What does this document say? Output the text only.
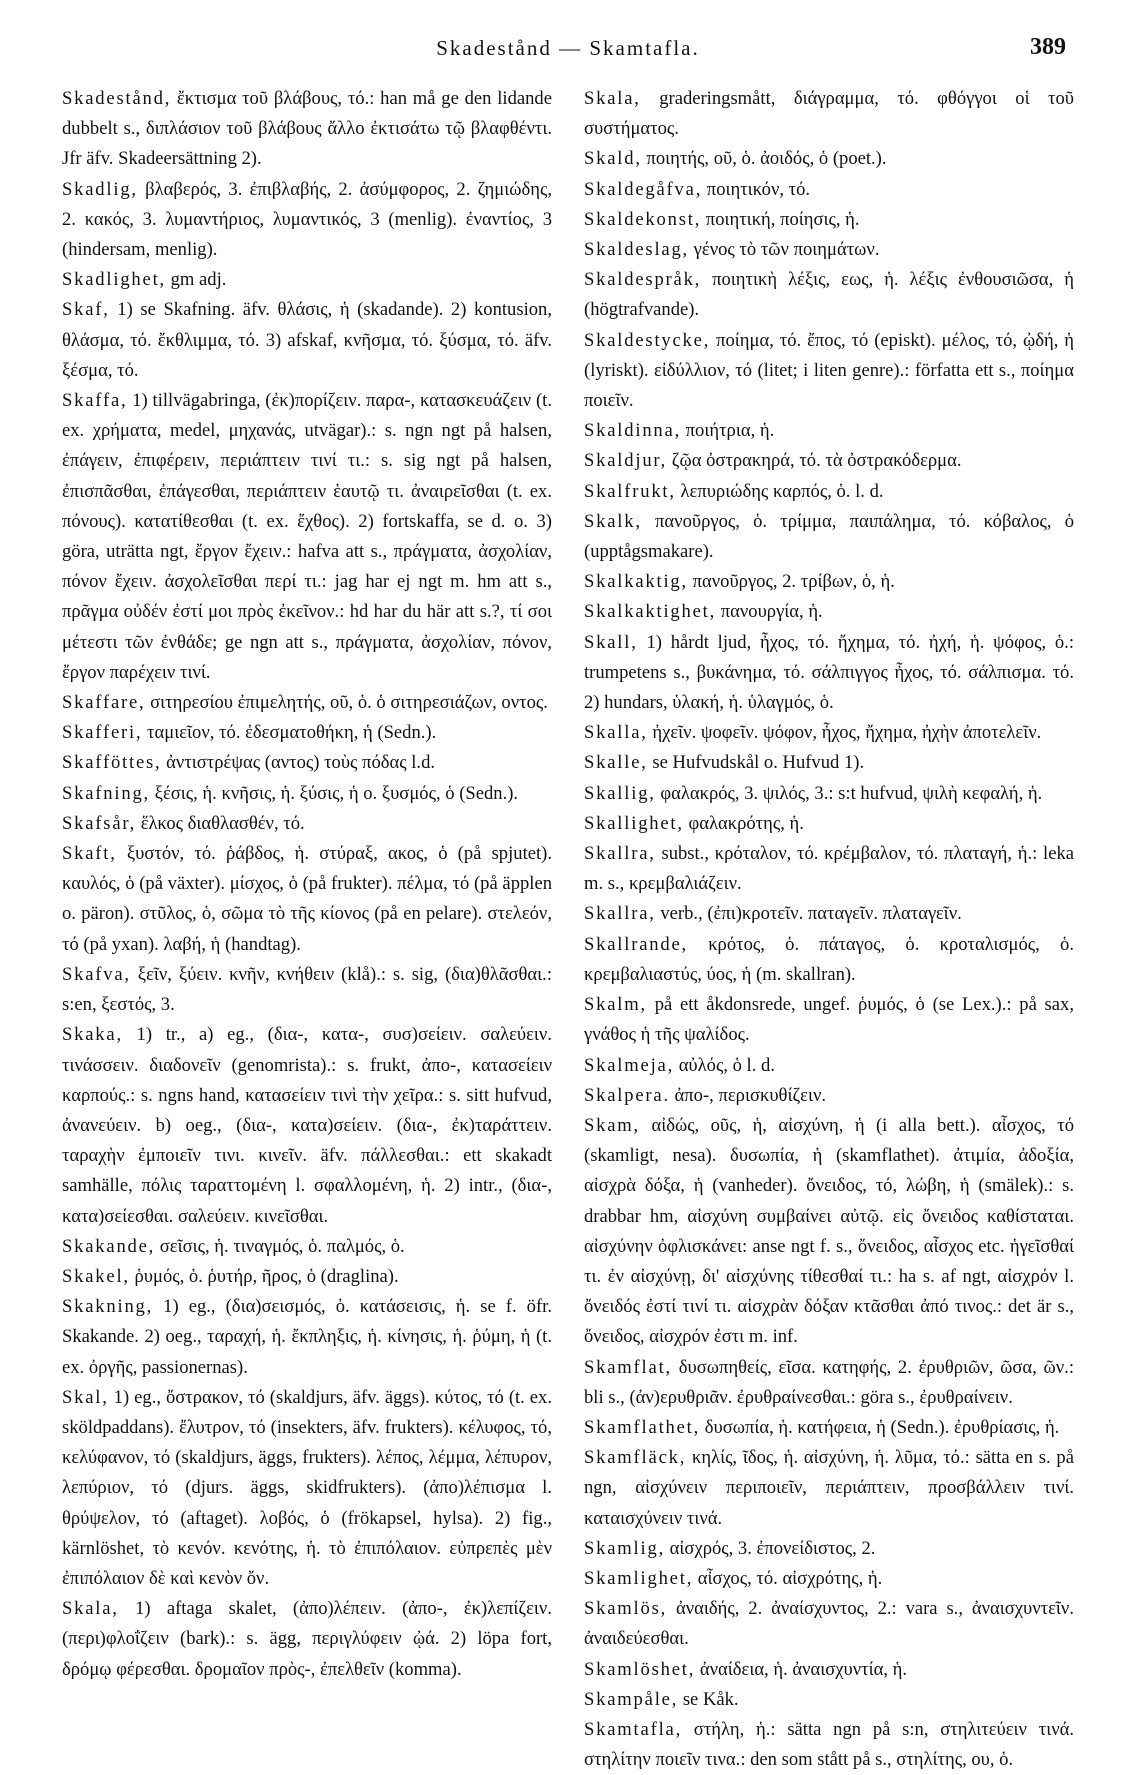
Skadestånd — Skamtafla.	389

Skadestånd, ἔκτισμα τοῦ βλάβους, τό.: han må ge den lidande dubbelt s., διπλάσιον τοῦ βλάβους ἄλλο ἐκτισάτω τῷ βλαφθέντι. Jfr äfv. Skadeersättning 2).

Skadlig, βλαβερός, 3. ἐπιβλαβής, 2. ἀσύμφορος, 2. ζημιώδης, 2. κακός, 3. λυμαντήριος, λυμαντικός, 3 (menlig). ἐναντίος, 3 (hindersam, menlig).

Skadlighet, gm adj.

Skaf, 1) se Skafning. äfv. θλάσις, ἡ (skadande). 2) kontusion, θλάσμα, τό. ἔκθλιμμα, τό. 3) afskaf, κνῆσμα, τό. ξύσμα, τό. äfv. ξέσμα, τό.

Skaffa, 1) tillvägabringa, (ἐκ)πορίζειν. παρα-, κατασκευάζειν (t. ex. χρήματα, medel, μηχανάς, utvägar).: s. ngn ngt på halsen, ἐπάγειν, ἐπιφέρειν, περιάπτειν τινί τι.: s. sig ngt på halsen, ἐπισπᾶσθαι, ἐπάγεσθαι, περιάπτειν ἑαυτῷ τι. ἀναιρεῖσθαι (t. ex. πόνους). κατατίθεσθαι (t. ex. ἔχθος). 2) fortskaffa, se d. o. 3) göra, uträtta ngt, ἔργον ἔχειν.: hafva att s., πράγματα, ἀσχολίαν, πόνον ἔχειν. ἀσχολεῖσθαι περί τι.: jag har ej ngt m. hm att s., πρᾶγμα οὐδέν ἐστί μοι πρὸς ἐκεῖνον.: hd har du här att s.?, τί σοι μέτεστι τῶν ἐνθάδε; ge ngn att s., πράγματα, ἀσχολίαν, πόνον, ἔργον παρέχειν τινί.

Skaffare, σιτηρεσίου ἐπιμελητής, οῦ, ὁ. ὁ σιτηρεσιάζων, οντος.

Skafferi, ταμιεῖον, τό. ἐδεσματοθήκη, ἡ (Sedn.).

Skafföttes, ἀντιστρέψας (αντος) τοὺς πόδας l.d.

Skafning, ξέσις, ἡ. κνῆσις, ἡ. ξύσις, ἡ o. ξυσμός, ὁ (Sedn.).

Skafsår, ἕλκος διαθλασθέν, τό.

Skaft, ξυστόν, τό. ῥάβδος, ἡ. στύραξ, ακος, ὁ (på spjutet). καυλός, ὁ (på växter). μίσχος, ὁ (på frukter). πέλμα, τό (på äpplen o. päron). στῦλος, ὁ, σῶμα τὸ τῆς κίονος (på en pelare). στελεόν, τό (på yxan). λαβή, ἡ (handtag).

Skafva, ξεῖν, ξύειν. κνῆν, κνήθειν (klå).: s. sig, (δια)θλᾶσθαι.: s:en, ξεστός, 3.

Skaka, 1) tr., a) eg., (δια-, κατα-, συσ)σείειν. σαλεύειν. τινάσσειν. διαδονεῖν (genomrista).: s. frukt, ἀπο-, κατασείειν καρπούς.: s. ngns hand, κατασείειν τινὶ τὴν χεῖρα.: s. sitt hufvud, ἀνανεύειν. b) oeg., (δια-, κατα)σείειν. (δια-, ἐκ)ταράττειν. ταραχὴν ἐμποιεῖν τινι. κινεῖν. äfv. πάλλεσθαι.: ett skakadt samhälle, πόλις ταραττομένη l. σφαλλομένη, ἡ. 2) intr., (δια-, κατα)σείεσθαι. σαλεύειν. κινεῖσθαι.

Skakande, σεῖσις, ἡ. τιναγμός, ὁ. παλμός, ὁ.

Skakel, ῥυμός, ὁ. ῥυτήρ, ῆρος, ὁ (draglina).

Skakning, 1) eg., (δια)σεισμός, ὁ. κατάσεισις, ἡ. se f. öfr. Skakande. 2) oeg., ταραχή, ἡ. ἔκπληξις, ἡ. κίνησις, ἡ. ῥύμη, ἡ (t. ex. ὀργῆς, passionernas).

Skal, 1) eg., ὄστρακον, τό (skaldjurs, äfv. äggs). κύτος, τό (t. ex. sköldpaddans). ἔλυτρον, τό (insekters, äfv. frukters). κέλυφος, τό, κελύφανον, τό (skaldjurs, äggs, frukters). λέπος, λέμμα, λέπυρον, λεπύριον, τό (djurs. äggs, skidfrukters). (ἀπο)λέπισμα l. θρύψελον, τό (aftaget). λοβός, ὁ (frökapsel, hylsa). 2) fig., kärnlöshet, τὸ κενόν. κενότης, ἡ. τὸ ἐπιπόλαιον. εὐπρεπὲς μὲν ἐπιπόλαιον δὲ καὶ κενὸν ὄν.

Skala, 1) aftaga skalet, (ἀπο)λέπειν. (ἀπο-, ἐκ)λεπίζειν. (περι)φλοΐζειν (bark).: s. ägg, περιγλύφειν ᾠά. 2) löpa fort, δρόμῳ φέρεσθαι. δρομαῖον πρὸς-, ἐπελθεῖν (komma).

Skala, graderingsmått, διάγραμμα, τό. φθόγγοι οἱ τοῦ συστήματος.

Skald, ποιητής, οῦ, ὁ. ἀοιδός, ὁ (poet.).

Skaldegåfva, ποιητικόν, τό.

Skaldekonst, ποιητική, ποίησις, ἡ.

Skaldeslag, γένος τὸ τῶν ποιημάτων.

Skaldespråk, ποιητικὴ λέξις, εως, ἡ. λέξις ἐνθουσιῶσα, ἡ (högtrafvande).

Skaldestycke, ποίημα, τό. ἔπος, τό (episkt). μέλος, τό, ᾠδή, ἡ (lyriskt). εἰδύλλιον, τό (litet; i liten genre).: författa ett s., ποίημα ποιεῖν.

Skaldinna, ποιήτρια, ἡ.

Skaldjur, ζῷα ὀστρακηρά, τό. τὰ ὀστρακόδερμα.

Skalfrukt, λεπυριώδης καρπός, ὁ. l. d.

Skalk, πανοῦργος, ὁ. τρίμμα, παιπάλημα, τό. κόβαλος, ὁ (upptågsmakare).

Skalkaktig, πανοῦργος, 2. τρίβων, ὁ, ἡ.

Skalkaktighet, πανουργία, ἡ.

Skall, 1) hårdt ljud, ἦχος, τό. ἤχημα, τό. ἠχή, ἡ. ψόφος, ὁ.: trumpetens s., βυκάνημα, τό. σάλπιγγος ἦχος, τό. σάλπισμα. τό. 2) hundars, ὑλακή, ἡ. ὑλαγμός, ὁ.

Skalla, ἠχεῖν. ψοφεῖν. ψόφον, ἦχος, ἤχημα, ἠχὴν ἀποτελεῖν.

Skalle, se Hufvudskål o. Hufvud 1).

Skallig, φαλακρός, 3. ψιλός, 3.: s:t hufvud, ψιλὴ κεφαλή, ἡ.

Skallighet, φαλακρότης, ἡ.

Skallra, subst., κρόταλον, τό. κρέμβαλον, τό. πλαταγή, ἡ.: leka m. s., κρεμβαλιάζειν.

Skallra, verb., (ἐπι)κροτεῖν. παταγεῖν. πλαταγεῖν.

Skallrande, κρότος, ὁ. πάταγος, ὁ. κροταλισμός, ὁ. κρεμβαλιαστύς, ύος, ἡ (m. skallran).

Skalm, på ett åkdonsrede, ungef. ῥυμός, ὁ (se Lex.).: på sax, γνάθος ἡ τῆς ψαλίδος.

Skalmeja, αὐλός, ὁ l. d.

Skalpera. ἀπο-, περισκυθίζειν.

Skam, αἰδώς, οῦς, ἡ, αἰσχύνη, ἡ (i alla bett.). αἶσχος, τό (skamligt, nesa). δυσωπία, ἡ (skamflathet). ἀτιμία, ἀδοξία, αἰσχρὰ δόξα, ἡ (vanheder). ὄνειδος, τό, λώβη, ἡ (smälek).: s. drabbar hm, αἰσχύνη συμβαίνει αὐτῷ. εἰς ὄνειδος καθίσταται. αἰσχύνην ὀφλισκάνει: anse ngt f. s., ὄνειδος, αἶσχος etc. ἡγεῖσθαί τι. ἐν αἰσχύνῃ, δι' αἰσχύνης τίθεσθαί τι.: ha s. af ngt, αἰσχρόν l. ὄνειδός ἐστί τινί τι. αἰσχρὰν δόξαν κτᾶσθαι ἀπό τινος.: det är s., ὄνειδος, αἰσχρόν ἐστι m. inf.

Skamflat, δυσωπηθείς, εῖσα. κατηφής, 2. ἐρυθριῶν, ῶσα, ῶν.: bli s., (ἀν)ερυθριᾶν. ἐρυθραίνεσθαι.: göra s., ἐρυθραίνειν.

Skamflathet, δυσωπία, ἡ. κατήφεια, ἡ (Sedn.). ἐρυθρίασις, ἡ.

Skamfläck, κηλίς, ῖδος, ἡ. αἰσχύνη, ἡ. λῦμα, τό.: sätta en s. på ngn, αἰσχύνειν περιποιεῖν, περιάπτειν, προσβάλλειν τινί. καταισχύνειν τινά.

Skamlig, αἰσχρός, 3. ἐπονείδιστος, 2.

Skamlighet, αἶσχος, τό. αἰσχρότης, ἡ.

Skamlös, ἀναιδής, 2. ἀναίσχυντος, 2.: vara s., ἀναισχυντεῖν. ἀναιδεύεσθαι.

Skamlöshet, ἀναίδεια, ἡ. ἀναισχυντία, ἡ.

Skampåle, se Kåk.

Skamtafla, στήλη, ἡ.: sätta ngn på s:n, στηλιτεύειν τινά. στηλίτην ποιεῖν τινα.: den som stått på s., στηλίτης, ου, ὁ.
